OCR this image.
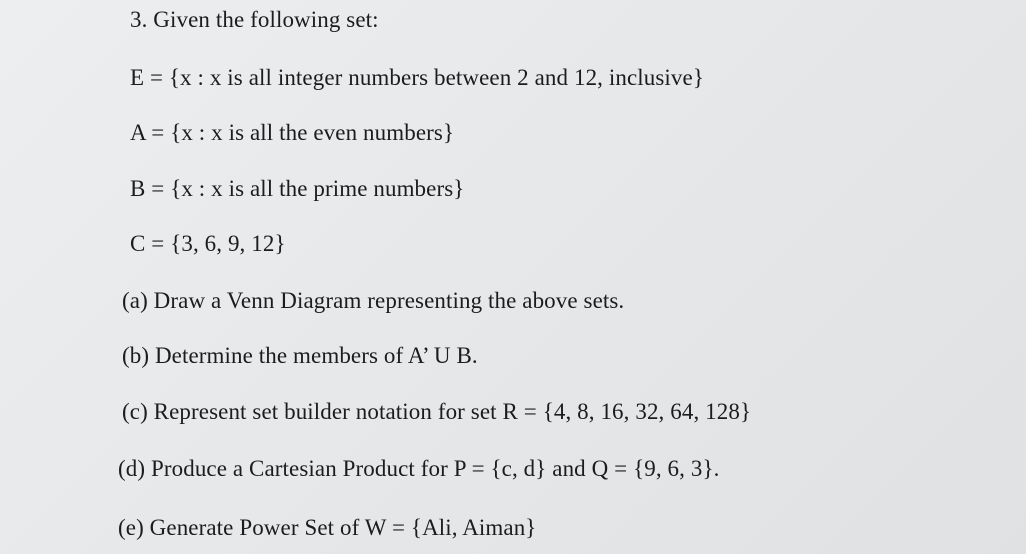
3. Given the following set:
E = {x : x is all integer numbers between 2 and 12, inclusive}
A = {x : x is all the even numbers}
B = {x : x is all the prime numbers}
C = {3, 6, 9, 12}
(a) Draw a Venn Diagram representing the above sets.
(b) Determine the members of A’ U B.
(c) Represent set builder notation for set R = {4, 8, 16, 32, 64, 128}
(d) Produce a Cartesian Product for P = {c, d} and Q = {9, 6, 3}.
(e) Generate Power Set of W = {Ali, Aiman}
